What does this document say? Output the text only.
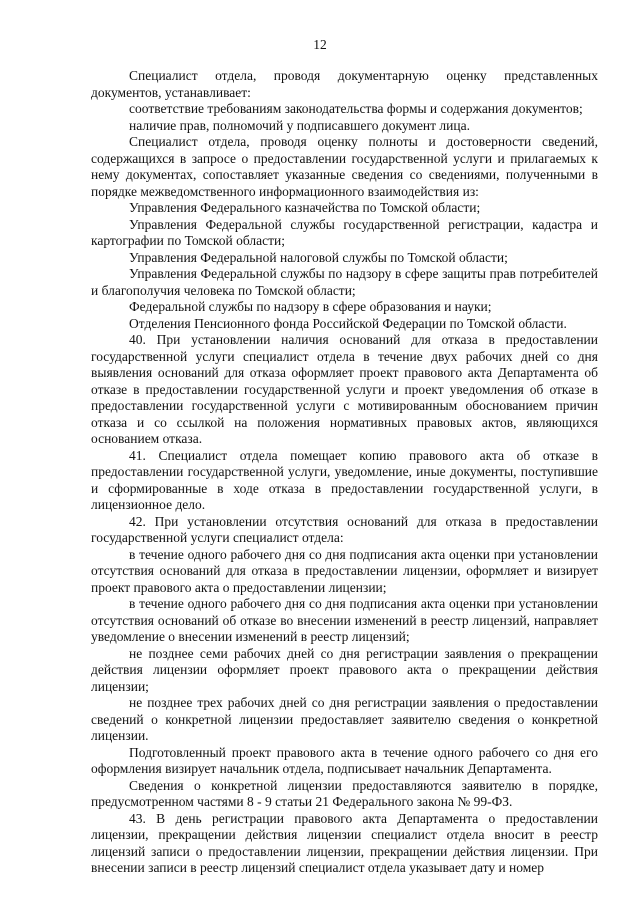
12

Специалист отдела, проводя документарную оценку представленных документов, устанавливает:

соответствие требованиям законодательства формы и содержания документов;

наличие прав, полномочий у подписавшего документ лица.

Специалист отдела, проводя оценку полноты и достоверности сведений, содержащихся в запросе о предоставлении государственной услуги и прилагаемых к нему документах, сопоставляет указанные сведения со сведениями, полученными в порядке межведомственного информационного взаимодействия из:

Управления Федерального казначейства по Томской области;

Управления Федеральной службы государственной регистрации, кадастра и картографии по Томской области;

Управления Федеральной налоговой службы по Томской области;

Управления Федеральной службы по надзору в сфере защиты прав потребителей и благополучия человека по Томской области;

Федеральной службы по надзору в сфере образования и науки;

Отделения Пенсионного фонда Российской Федерации по Томской области.

40. При установлении наличия оснований для отказа в предоставлении государственной услуги специалист отдела в течение двух рабочих дней со дня выявления оснований для отказа оформляет проект правового акта Департамента об отказе в предоставлении государственной услуги и проект уведомления об отказе в предоставлении государственной услуги с мотивированным обоснованием причин отказа и со ссылкой на положения нормативных правовых актов, являющихся основанием отказа.

41. Специалист отдела помещает копию правового акта об отказе в предоставлении государственной услуги, уведомление, иные документы, поступившие и сформированные в ходе отказа в предоставлении государственной услуги, в лицензионное дело.

42. При установлении отсутствия оснований для отказа в предоставлении государственной услуги специалист отдела:

в течение одного рабочего дня со дня подписания акта оценки при установлении отсутствия оснований для отказа в предоставлении лицензии, оформляет и визирует проект правового акта о предоставлении лицензии;

в течение одного рабочего дня со дня подписания акта оценки при установлении отсутствия оснований об отказе во внесении изменений в реестр лицензий, направляет уведомление о внесении изменений в реестр лицензий;

не позднее семи рабочих дней со дня регистрации заявления о прекращении действия лицензии оформляет проект правового акта о прекращении действия лицензии;

не позднее трех рабочих дней со дня регистрации заявления о предоставлении сведений о конкретной лицензии предоставляет заявителю сведения о конкретной лицензии.

Подготовленный проект правового акта в течение одного рабочего со дня его оформления визирует начальник отдела, подписывает начальник Департамента.

Сведения о конкретной лицензии предоставляются заявителю в порядке, предусмотренном частями 8 - 9 статьи 21 Федерального закона № 99-ФЗ.

43. В день регистрации правового акта Департамента о предоставлении лицензии, прекращении действия лицензии специалист отдела вносит в реестр лицензий записи о предоставлении лицензии, прекращении действия лицензии. При внесении записи в реестр лицензий специалист отдела указывает дату и номер
